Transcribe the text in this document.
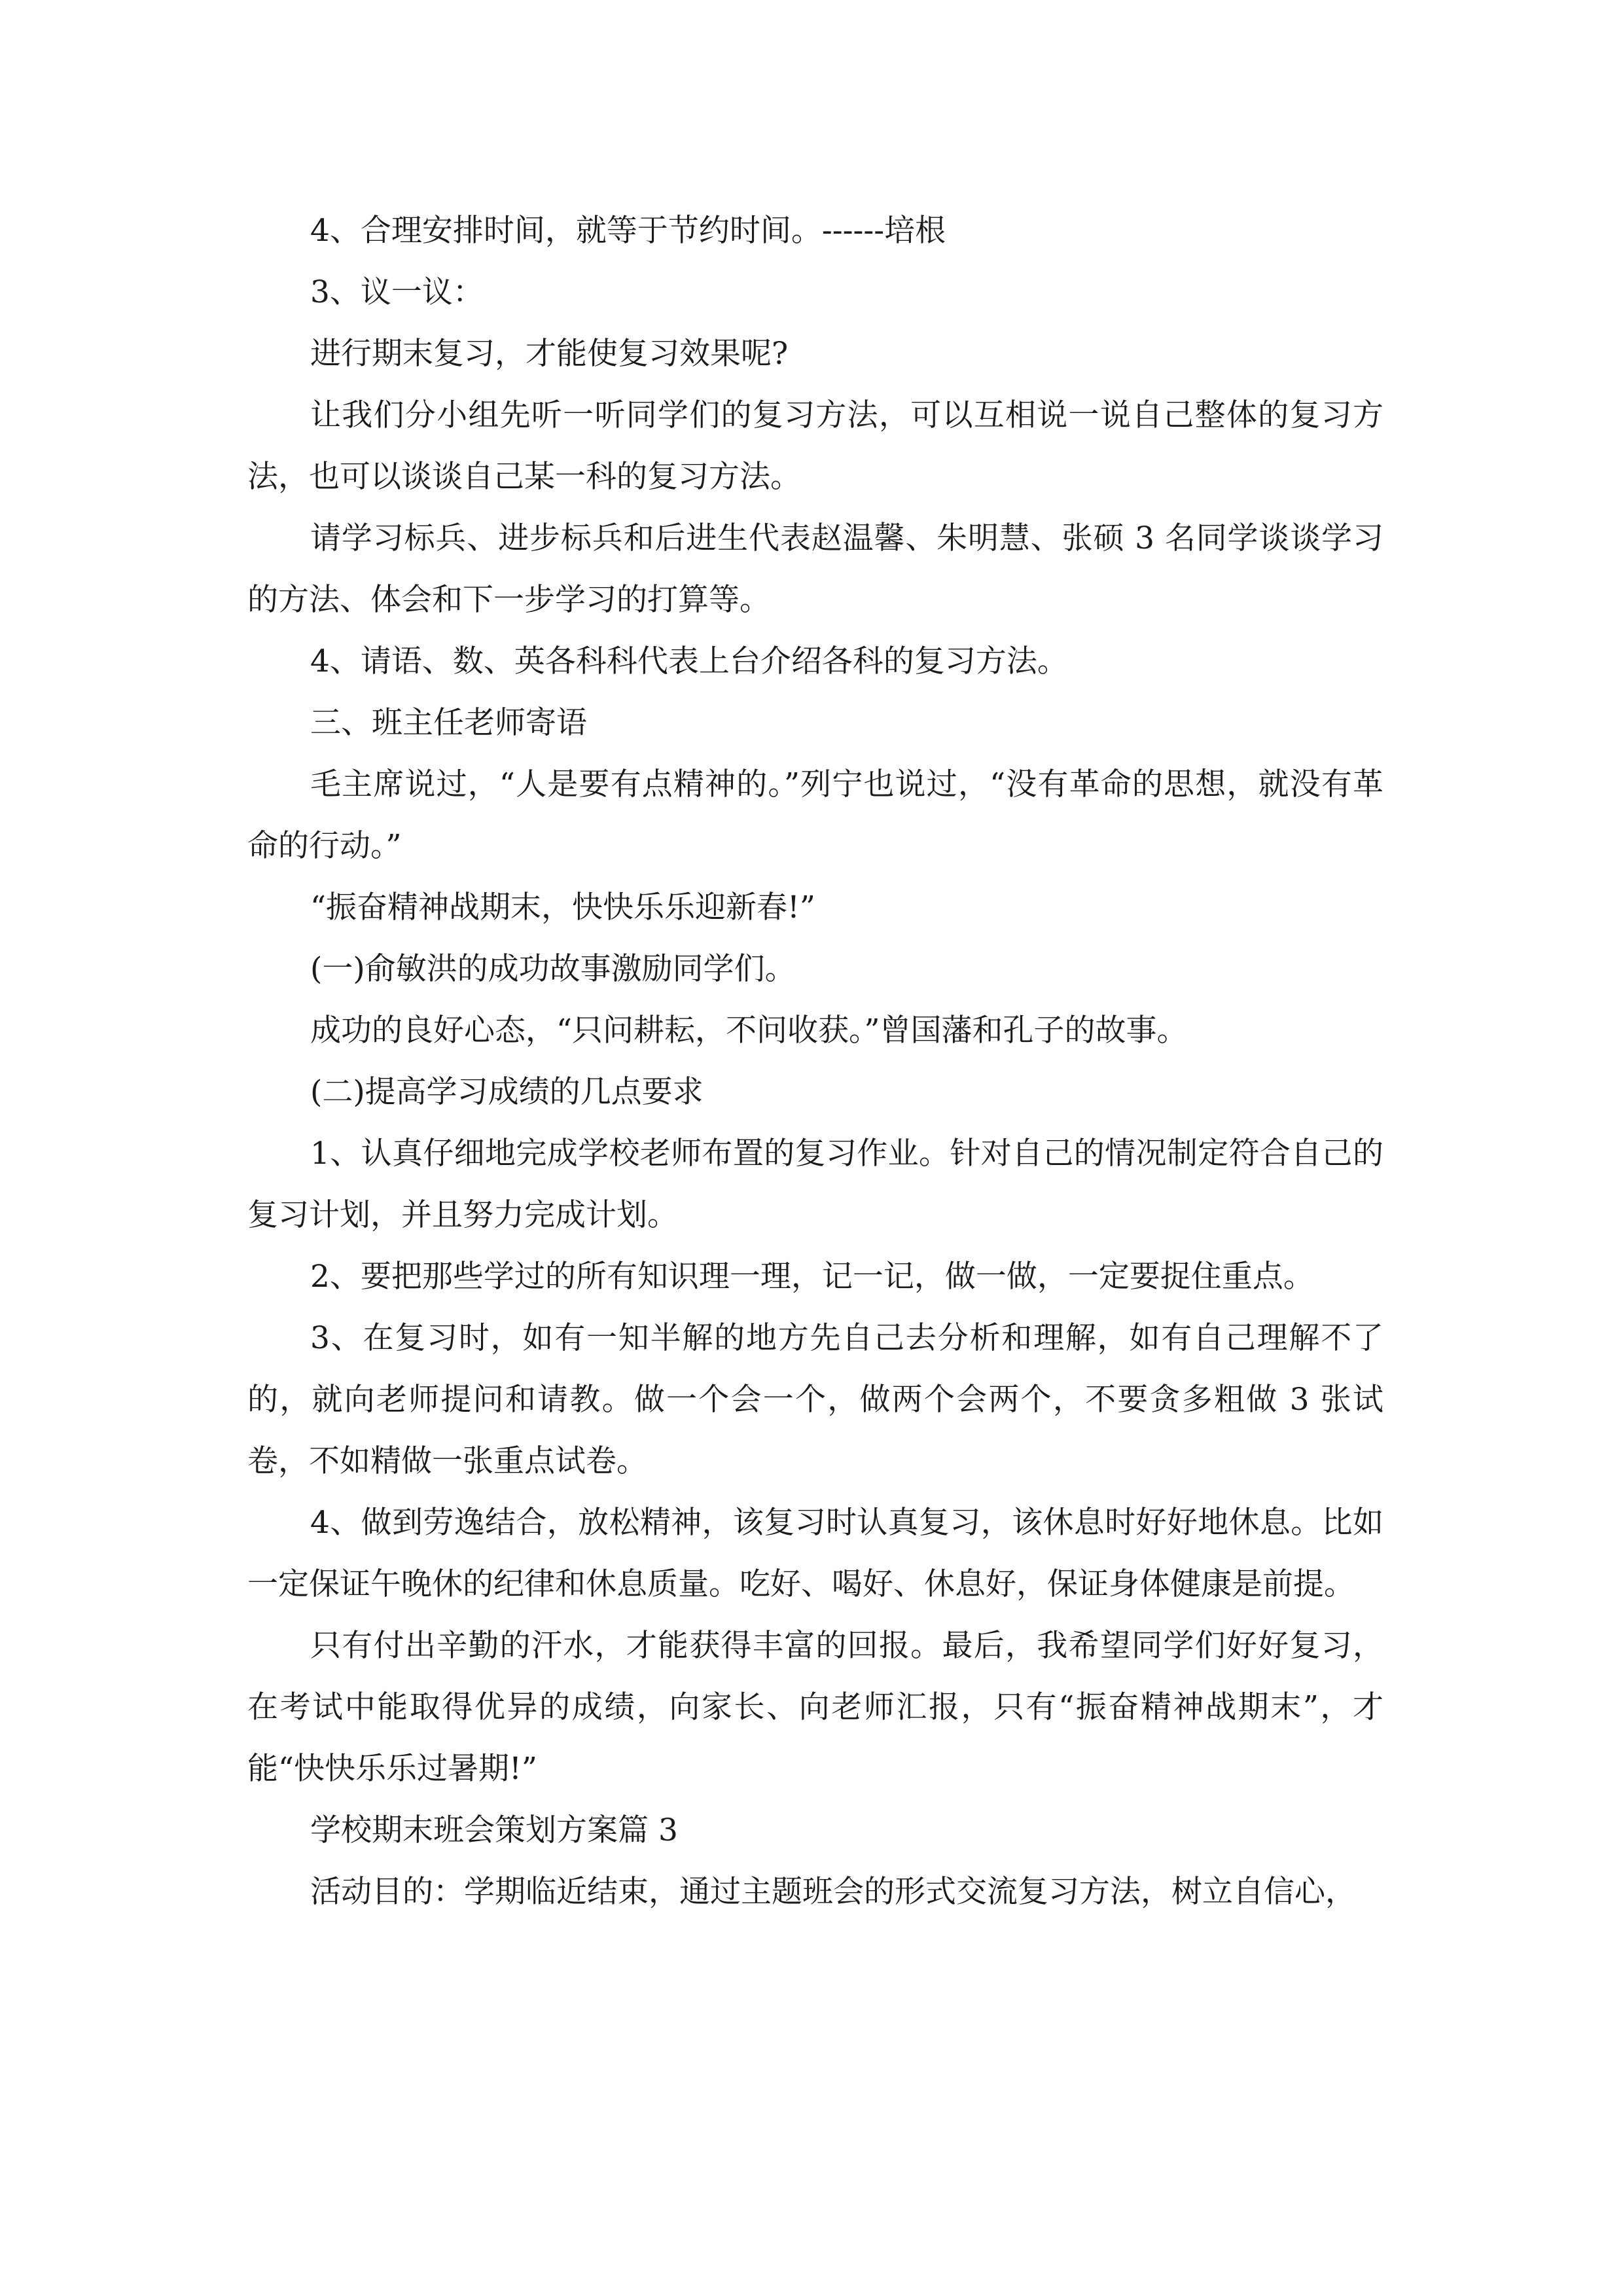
4、合理安排时间，就等于节约时间。------培根

3、议一议：

进行期末复习，才能使复习效果呢?

让我们分小组先听一听同学们的复习方法，可以互相说一说自己整体的复习方法，也可以谈谈自己某一科的复习方法。

请学习标兵、进步标兵和后进生代表赵温馨、朱明慧、张硕 3 名同学谈谈学习的方法、体会和下一步学习的打算等。

4、请语、数、英各科科代表上台介绍各科的复习方法。

三、班主任老师寄语

毛主席说过，“人是要有点精神的。”列宁也说过，“没有革命的思想，就没有革命的行动。”

“振奋精神战期末，快快乐乐迎新春!”

(一)俞敏洪的成功故事激励同学们。

成功的良好心态，“只问耕耘，不问收获。”曾国藩和孔子的故事。

(二)提高学习成绩的几点要求

1、认真仔细地完成学校老师布置的复习作业。针对自己的情况制定符合自己的复习计划，并且努力完成计划。

2、要把那些学过的所有知识理一理，记一记，做一做，一定要捉住重点。

3、在复习时，如有一知半解的地方先自己去分析和理解，如有自己理解不了的，就向老师提问和请教。做一个会一个，做两个会两个，不要贪多粗做 3 张试卷，不如精做一张重点试卷。

4、做到劳逸结合，放松精神，该复习时认真复习，该休息时好好地休息。比如一定保证午晚休的纪律和休息质量。吃好、喝好、休息好，保证身体健康是前提。

只有付出辛勤的汗水，才能获得丰富的回报。最后，我希望同学们好好复习，在考试中能取得优异的成绩，向家长、向老师汇报，只有“振奋精神战期末”，才能“快快乐乐过暑期!”

学校期末班会策划方案篇 3

活动目的：学期临近结束，通过主题班会的形式交流复习方法，树立自信心，
